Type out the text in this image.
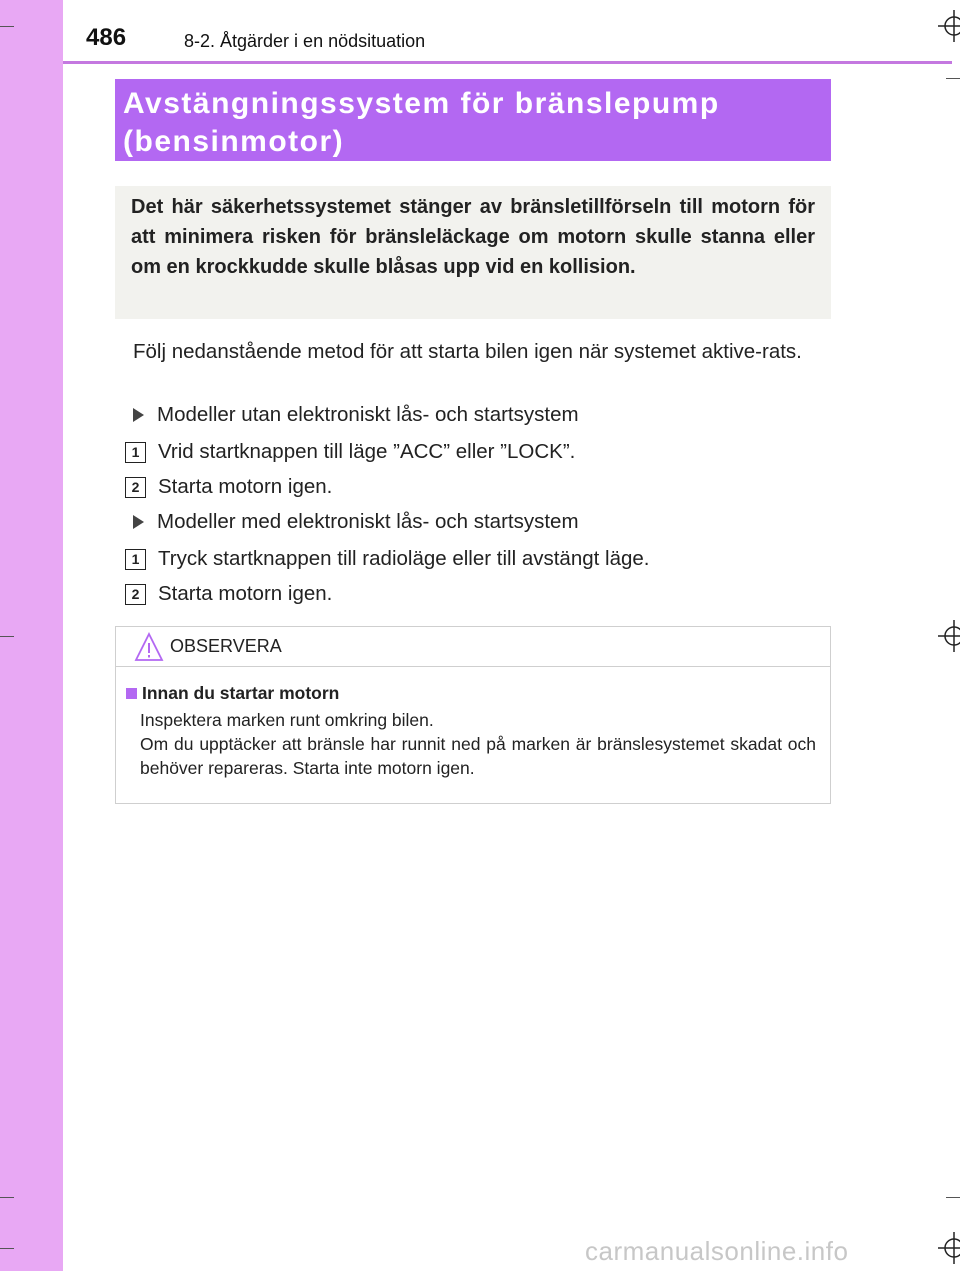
486	8-2. Åtgärder i en nödsituation
Avstängningssystem för bränslepump (bensinmotor)
Det här säkerhetssystemet stänger av bränsletillförseln till motorn för att minimera risken för bränsleläckage om motorn skulle stanna eller om en krockkudde skulle blåsas upp vid en kollision.
Följ nedanstående metod för att starta bilen igen när systemet aktive-rats.
Modeller utan elektroniskt lås- och startsystem
1 Vrid startknappen till läge ”ACC” eller ”LOCK”.
2 Starta motorn igen.
Modeller med elektroniskt lås- och startsystem
1 Tryck startknappen till radioläge eller till avstängt läge.
2 Starta motorn igen.
OBSERVERA
Innan du startar motorn
Inspektera marken runt omkring bilen.
Om du upptäcker att bränsle har runnit ned på marken är bränslesystemet skadat och behöver repareras. Starta inte motorn igen.
carmanualsonline.info
